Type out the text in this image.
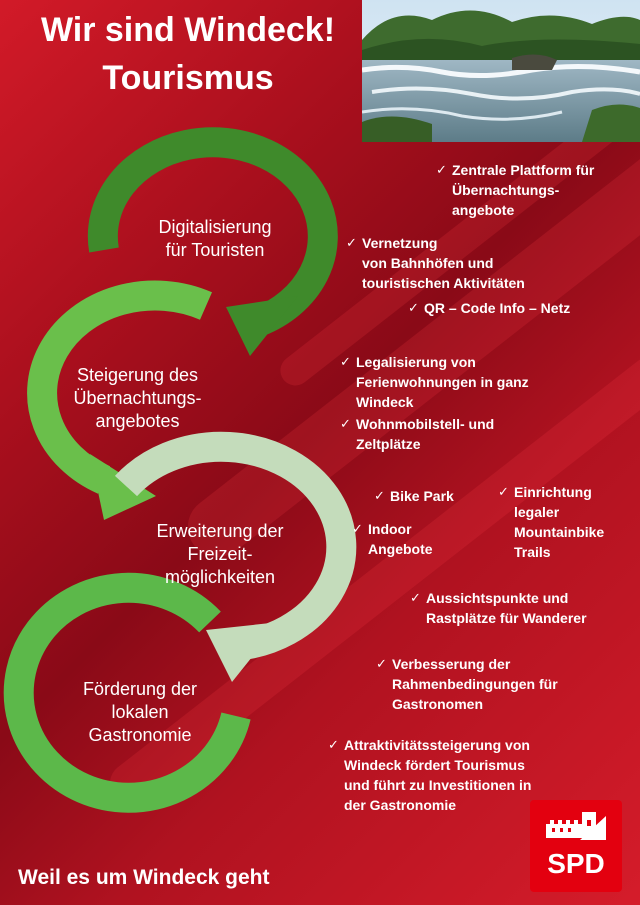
Wir sind Windeck!
Tourismus
Digitalisierung
für Touristen
Steigerung des
Übernachtungs-
angebotes
Erweiterung der
Freizeit-
möglichkeiten
Förderung der
lokalen
Gastronomie
✓ Zentrale Plattform für
Übernachtungs-
angebote
✓ Vernetzung
von Bahnhöfen und
touristischen Aktivitäten
✓ QR – Code Info – Netz
✓ Legalisierung von
Ferienwohnungen in ganz
Windeck
✓ Wohnmobilstell- und
Zeltplätze
✓ Bike Park	✓ Einrichtung
legaler
Mountainbike
Trails
✓ Indoor
Angebote
✓ Aussichtspunkte und
Rastplätze für Wanderer
✓ Verbesserung der
Rahmenbedingungen für
Gastronomen
✓ Attraktivitätssteigerung von
Windeck fördert Tourismus
und führt zu Investitionen in
der Gastronomie
Weil es um Windeck geht	SPD
